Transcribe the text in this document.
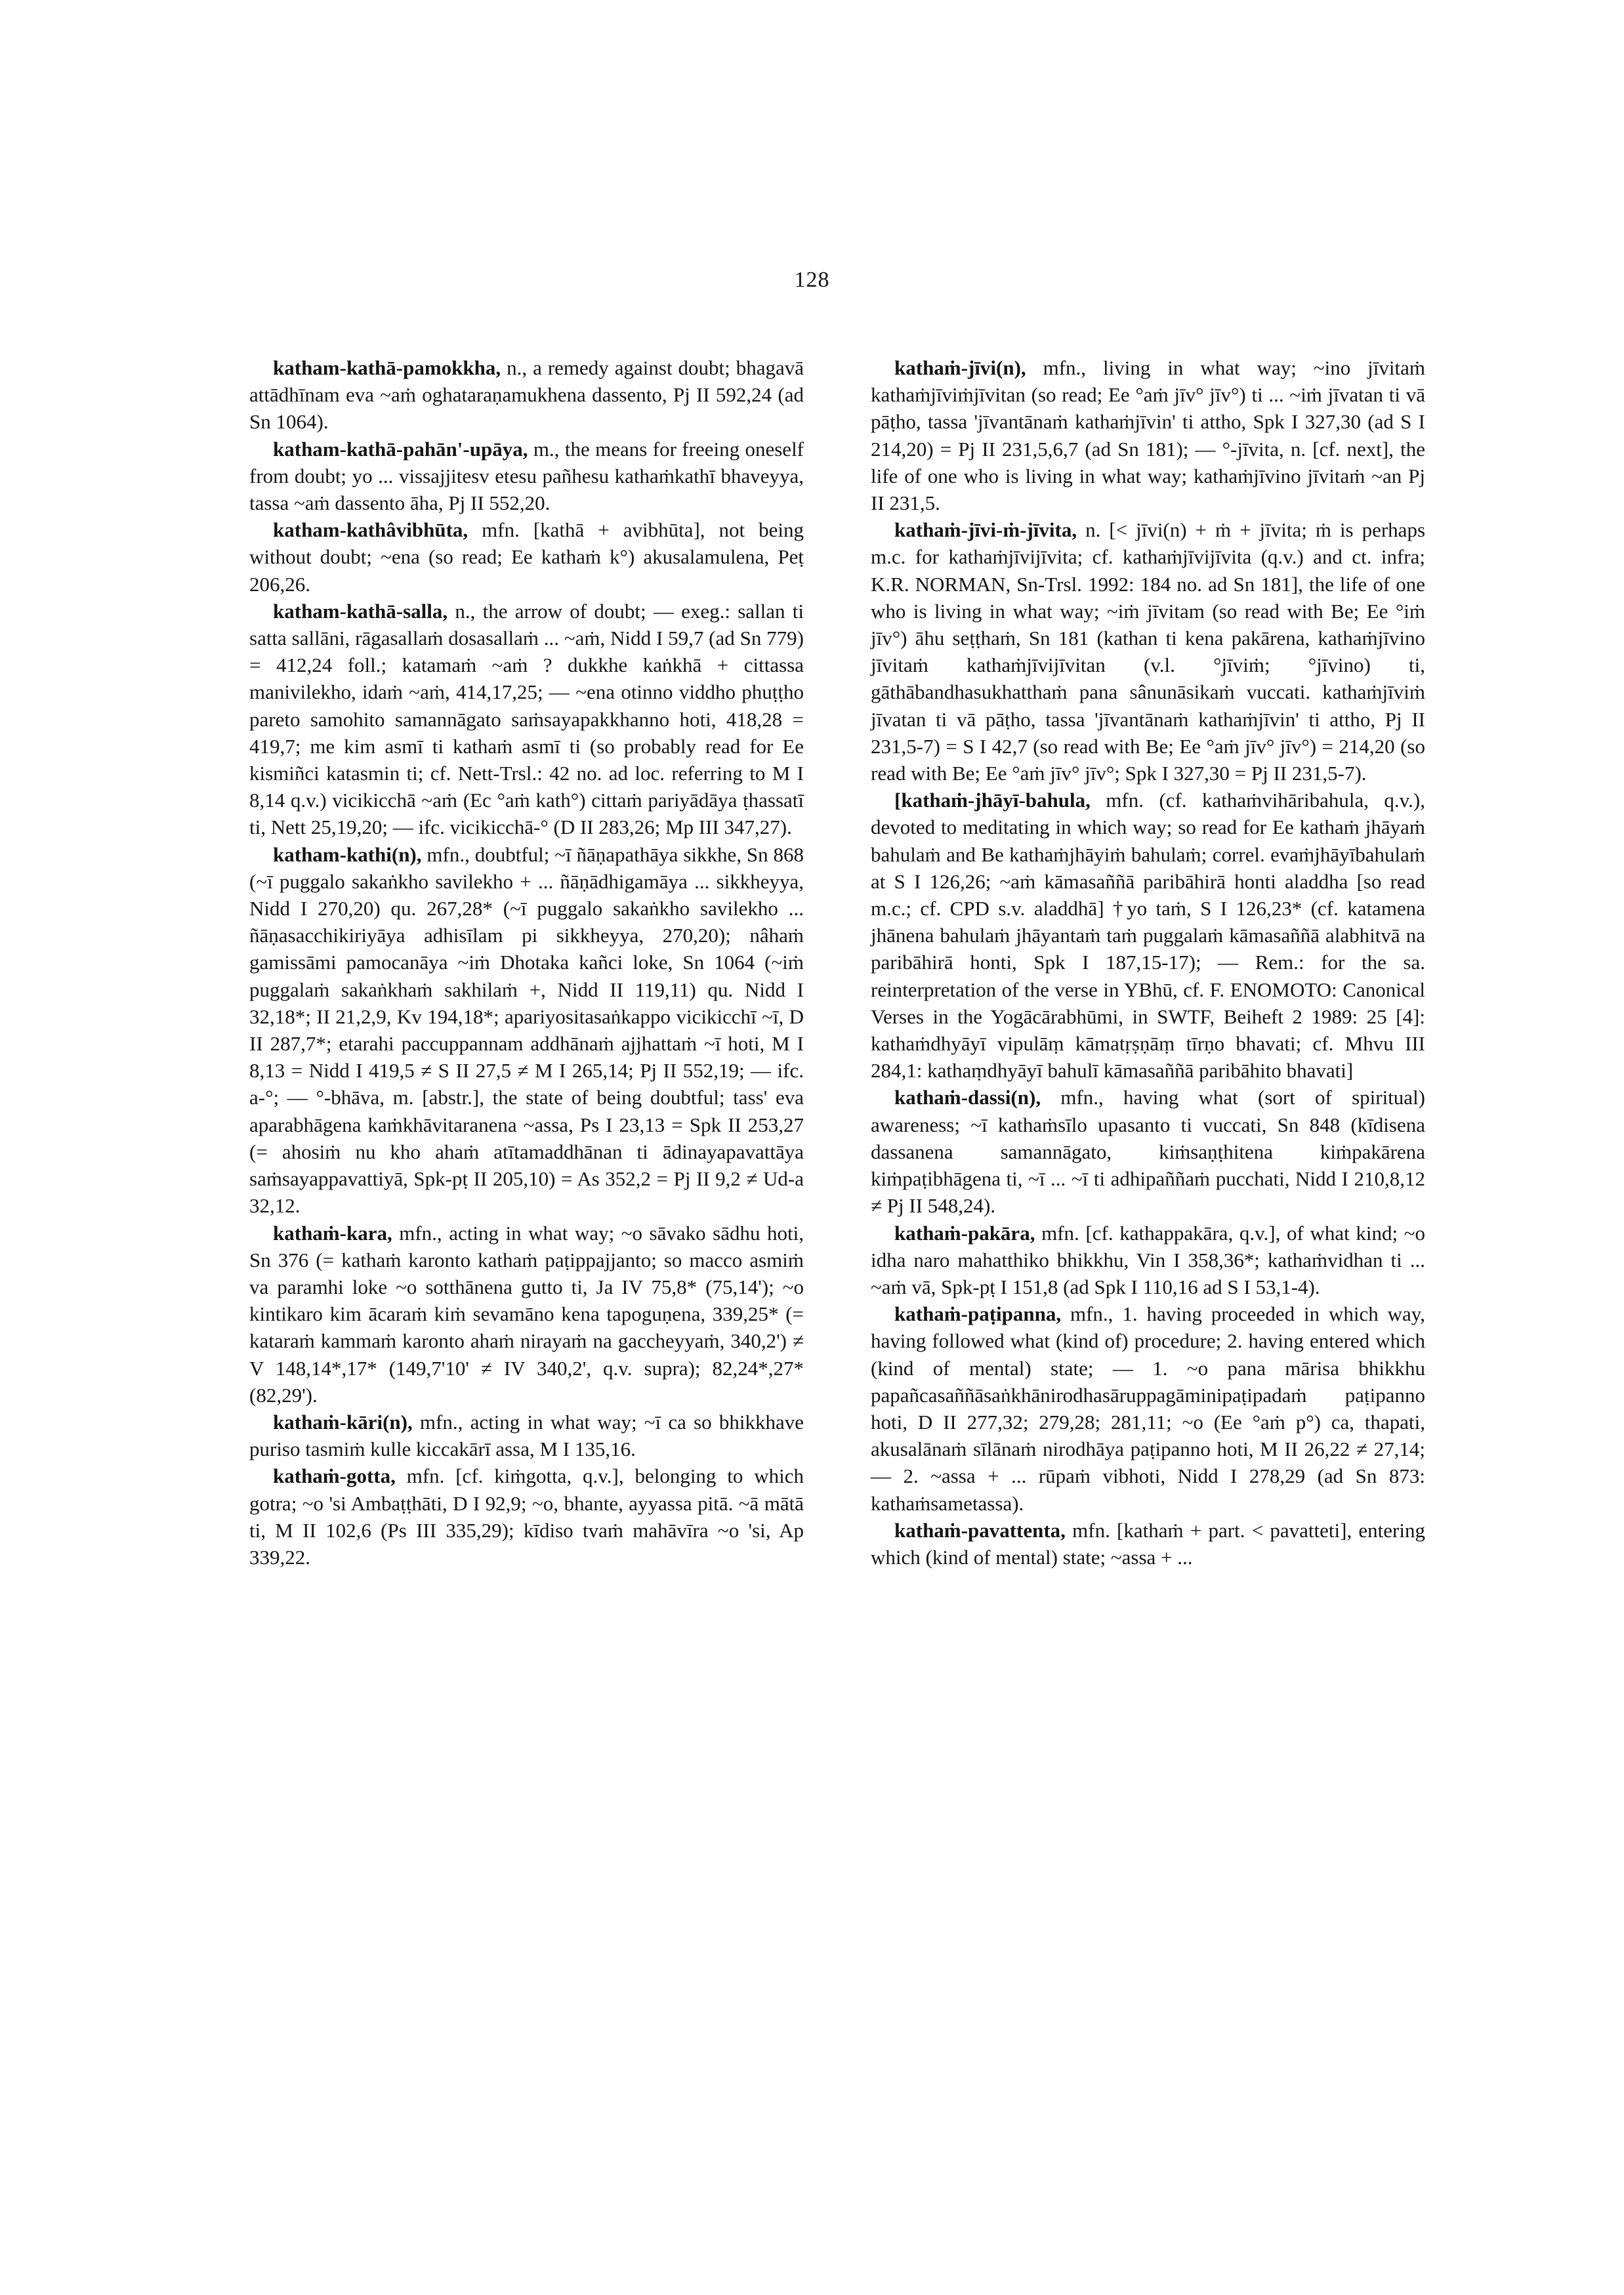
128

katham-kathā-pamokkha, n., a remedy against doubt; bhagavā attādhīnam eva ~aṁ oghataraṇamukhena dassento, Pj II 592,24 (ad Sn 1064).

katham-kathā-pahān'-upāya, m., the means for freeing oneself from doubt; yo ... vissajjitesv etesu pañhesu kathaṁkathī bhaveyya, tassa ~aṁ dassento āha, Pj II 552,20.

katham-kathâvibhūta, mfn. [kathā + avibhūta], not being without doubt; ~ena (so read; Ee kathaṁ k°) akusalamulena, Peṭ 206,26.

katham-kathā-salla, n., the arrow of doubt; — exeg.: sallan ti satta sallāni, rāgasallaṁ dosasallaṁ ... ~aṁ, Nidd I 59,7 (ad Sn 779) = 412,24 foll.; katamaṁ ~aṁ ? dukkhe kaṅkhā + cittassa manivilekho, idaṁ ~aṁ, 414,17,25; — ~ena otinno viddho phuṭṭho pareto samohito samannāgato saṁsayapakkhanno hoti, 418,28 = 419,7; me kim asmī ti kathaṁ asmī ti (so probably read for Ee kismiñci katasmin ti; cf. Nett-Trsl.: 42 no. ad loc. referring to M I 8,14 q.v.) vicikicchā ~aṁ (Ec °aṁ kath°) cittaṁ pariyādāya ṭhassatī ti, Nett 25,19,20; — ifc. vicikicchā-° (D II 283,26; Mp III 347,27).

katham-kathi(n), mfn., doubtful; ~ī ñāṇapathāya sikkhe, Sn 868 (~ī puggalo sakaṅkho savilekho + ... ñāṇādhigamāya ... sikkheyya, Nidd I 270,20) qu. 267,28* (~ī puggalo sakaṅkho savilekho ... ñāṇasacchikiriyāya adhisīlam pi sikkheyya, 270,20); nâhaṁ gamissāmi pamocanāya ~iṁ Dhotaka kañci loke, Sn 1064 (~iṁ puggalaṁ sakaṅkhaṁ sakhilaṁ +, Nidd II 119,11) qu. Nidd I 32,18*; II 21,2,9, Kv 194,18*; apariyositasaṅkappo vicikicchī ~ī, D II 287,7*; etarahi paccuppannam addhānaṁ ajjhattaṁ ~ī hoti, M I 8,13 = Nidd I 419,5 ≠ S II 27,5 ≠ M I 265,14; Pj II 552,19; — ifc. a-°; — °-bhāva, m. [abstr.], the state of being doubtful; tass' eva aparabhāgena kaṁkhāvitaranena ~assa, Ps I 23,13 = Spk II 253,27 (= ahosiṁ nu kho ahaṁ atītamaddhānan ti ādinayapavattāya saṁsayappavattiyā, Spk-pṭ II 205,10) = As 352,2 = Pj II 9,2 ≠ Ud-a 32,12.

kathaṁ-kara, mfn., acting in what way; ~o sāvako sādhu hoti, Sn 376 (= kathaṁ karonto kathaṁ paṭippajjanto; so macco asmiṁ va paramhi loke ~o sotthānena gutto ti, Ja IV 75,8* (75,14'); ~o kintikaro kim ācaraṁ kiṁ sevamāno kena tapoguṇena, 339,25* (= kataraṁ kammaṁ karonto ahaṁ nirayaṁ na gaccheyyaṁ, 340,2') ≠ V 148,14*,17* (149,7'10' ≠ IV 340,2', q.v. supra); 82,24*,27* (82,29').

kathaṁ-kāri(n), mfn., acting in what way; ~ī ca so bhikkhave puriso tasmiṁ kulle kiccakārī assa, M I 135,16.

kathaṁ-gotta, mfn. [cf. kiṁgotta, q.v.], belonging to which gotra; ~o 'si Ambaṭṭhāti, D I 92,9; ~o, bhante, ayyassa pitā. ~ā mātā ti, M II 102,6 (Ps III 335,29); kīdiso tvaṁ mahāvīra ~o 'si, Ap 339,22.

kathaṁ-jīvi(n), mfn., living in what way; ~ino jīvitaṁ kathaṁjīviṁjīvitan (so read; Ee °aṁ jīv° jīv°) ti ... ~iṁ jīvatan ti vā pāṭho, tassa 'jīvantānaṁ kathaṁjīvin' ti attho, Spk I 327,30 (ad S I 214,20) = Pj II 231,5,6,7 (ad Sn 181); — °-jīvita, n. [cf. next], the life of one who is living in what way; kathaṁjīvino jīvitaṁ ~an Pj II 231,5.

kathaṁ-jīvi-ṁ-jīvita, n. [< jīvi(n) + ṁ + jīvita; ṁ is perhaps m.c. for kathaṁjīvijīvita; cf. kathaṁjīvijīvita (q.v.) and ct. infra; K.R. NORMAN, Sn-Trsl. 1992: 184 no. ad Sn 181], the life of one who is living in what way; ~iṁ jīvitam (so read with Be; Ee °iṁ jīv°) āhu seṭṭhaṁ, Sn 181 (kathan ti kena pakārena, kathaṁjīvino jīvitaṁ kathaṁjīvijīvitan (v.l. °jīviṁ; °jīvino) ti, gāthābandhasukhatthaṁ pana sânunāsikaṁ vuccati. kathaṁjīviṁ jīvatan ti vā pāṭho, tassa 'jīvantānaṁ kathaṁjīvin' ti attho, Pj II 231,5-7) = S I 42,7 (so read with Be; Ee °aṁ jīv° jīv°) = 214,20 (so read with Be; Ee °aṁ jīv° jīv°; Spk I 327,30 = Pj II 231,5-7).

[kathaṁ-jhāyī-bahula, mfn. (cf. kathaṁvihāribahula, q.v.), devoted to meditating in which way; so read for Ee kathaṁ jhāyaṁ bahulaṁ and Be kathaṁjhāyiṁ bahulaṁ; correl. evaṁjhāyībahulaṁ at S I 126,26; ~aṁ kāmasaññā paribāhirā honti aladdha [so read m.c.; cf. CPD s.v. aladdhā] †yo taṁ, S I 126,23* (cf. katamena jhānena bahulaṁ jhāyantaṁ taṁ puggalaṁ kāmasaññā alabhitvā na paribāhirā honti, Spk I 187,15-17); — Rem.: for the sa. reinterpretation of the verse in YBhū, cf. F. ENOMOTO: Canonical Verses in the Yogācārabhūmi, in SWTF, Beiheft 2 1989: 25 [4]: kathaṁdhyāyī vipulāṃ kāmatṛṣṇāṃ tīrṇo bhavati; cf. Mhvu III 284,1: kathaṃdhyāyī bahulī kāmasaññā paribāhito bhavati]

kathaṁ-dassi(n), mfn., having what (sort of spiritual) awareness; ~ī kathaṁsīlo upasanto ti vuccati, Sn 848 (kīdisena dassanena samannāgato, kiṁsaṇṭhitena kiṁpakārena kiṁpaṭibhāgena ti, ~ī ... ~ī ti adhipaññaṁ pucchati, Nidd I 210,8,12 ≠ Pj II 548,24).

kathaṁ-pakāra, mfn. [cf. kathappakāra, q.v.], of what kind; ~o idha naro mahatthiko bhikkhu, Vin I 358,36*; kathaṁvidhan ti ... ~aṁ vā, Spk-pṭ I 151,8 (ad Spk I 110,16 ad S I 53,1-4).

kathaṁ-paṭipanna, mfn., 1. having proceeded in which way, having followed what (kind of) procedure; 2. having entered which (kind of mental) state; — 1. ~o pana mārisa bhikkhu papañcasaññāsaṅkhānirodhasāruppagāminipaṭipadaṁ paṭipanno hoti, D II 277,32; 279,28; 281,11; ~o (Ee °aṁ p°) ca, thapati, akusalānaṁ sīlānaṁ nirodhāya paṭipanno hoti, M II 26,22 ≠ 27,14; — 2. ~assa + ... rūpaṁ vibhoti, Nidd I 278,29 (ad Sn 873: kathaṁsametassa).

kathaṁ-pavattenta, mfn. [kathaṁ + part. < pavatteti], entering which (kind of mental) state; ~assa + ...
